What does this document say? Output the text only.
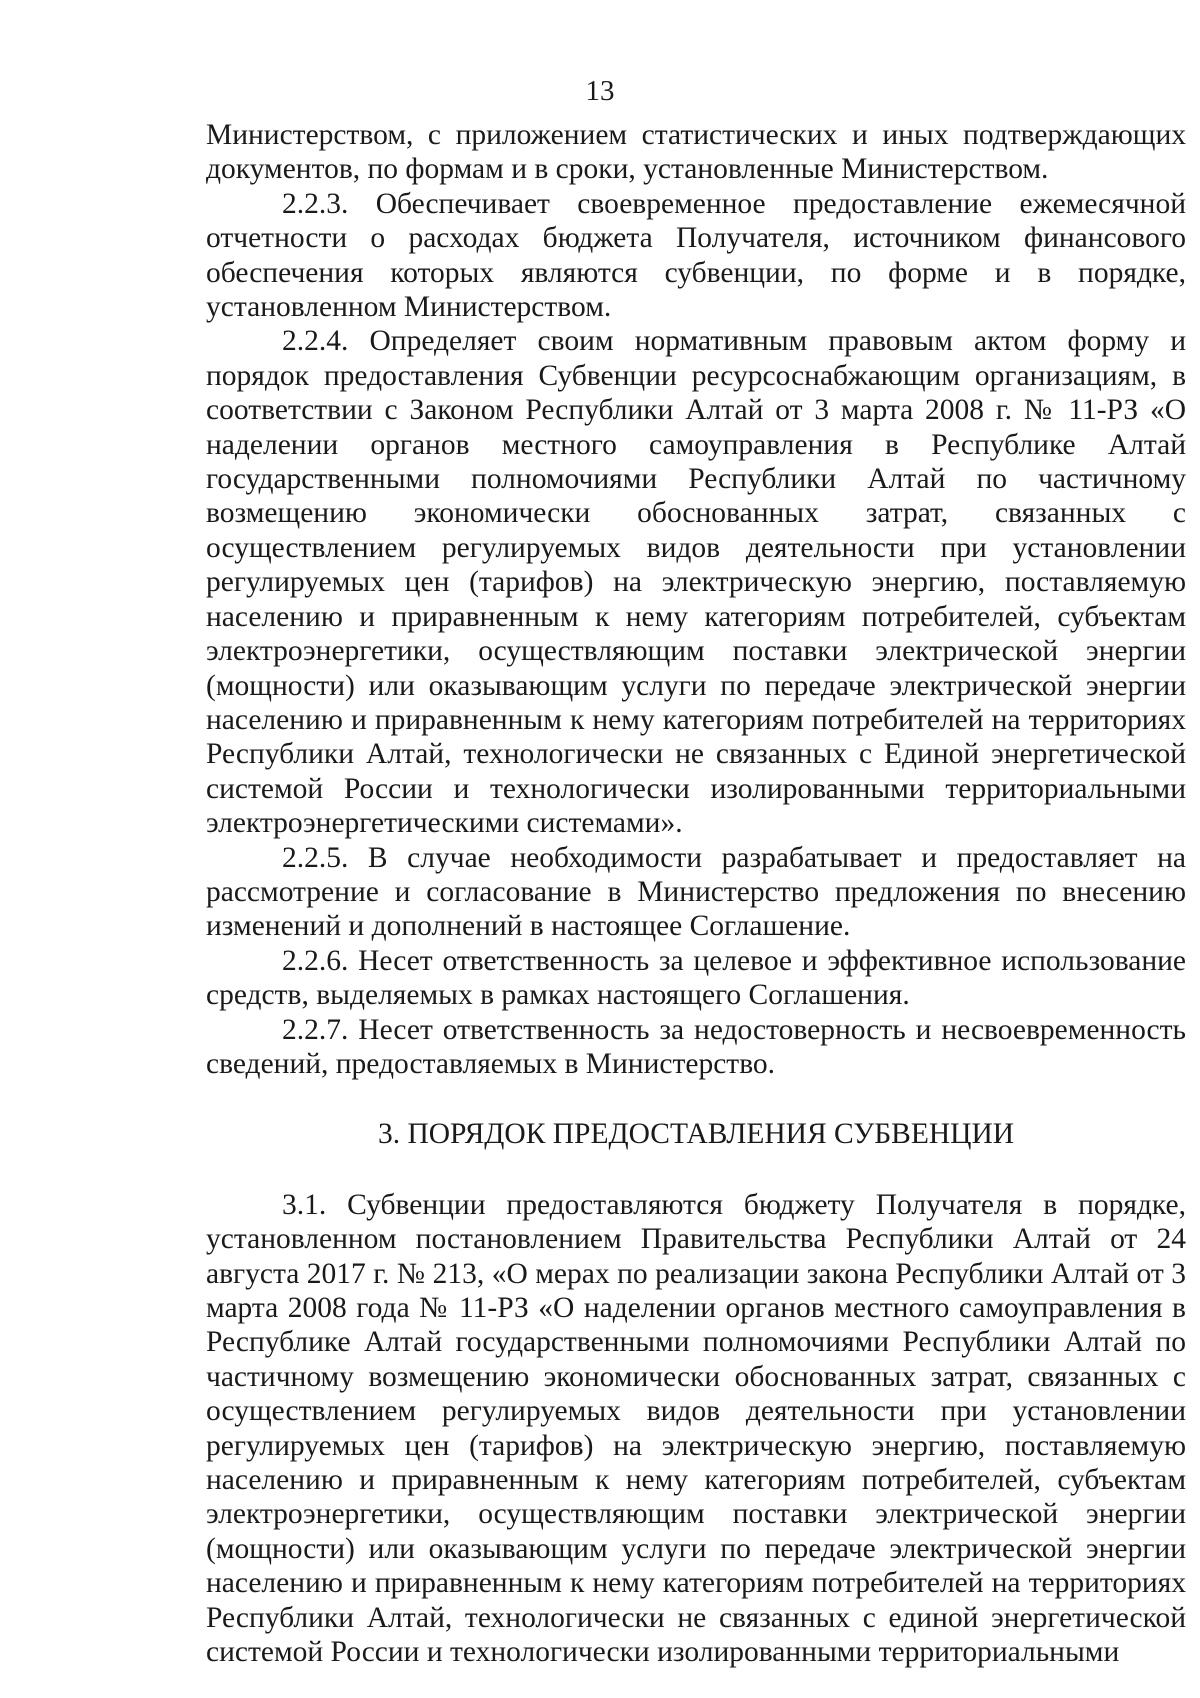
13

Министерством, с приложением статистических и иных подтверждающих документов, по формам и в сроки, установленные Министерством.

2.2.3. Обеспечивает своевременное предоставление ежемесячной отчетности о расходах бюджета Получателя, источником финансового обеспечения которых являются субвенции, по форме и в порядке, установленном Министерством.

2.2.4. Определяет своим нормативным правовым актом форму и порядок предоставления Субвенции ресурсоснабжающим организациям, в соответствии с Законом Республики Алтай от 3 марта 2008 г. № 11-РЗ «О наделении органов местного самоуправления в Республике Алтай государственными полномочиями Республики Алтай по частичному возмещению экономически обоснованных затрат, связанных с осуществлением регулируемых видов деятельности при установлении регулируемых цен (тарифов) на электрическую энергию, поставляемую населению и приравненным к нему категориям потребителей, субъектам электроэнергетики, осуществляющим поставки электрической энергии (мощности) или оказывающим услуги по передаче электрической энергии населению и приравненным к нему категориям потребителей на территориях Республики Алтай, технологически не связанных с Единой энергетической системой России и технологически изолированными территориальными электроэнергетическими системами».

2.2.5. В случае необходимости разрабатывает и предоставляет на рассмотрение и согласование в Министерство предложения по внесению изменений и дополнений в настоящее Соглашение.

2.2.6. Несет ответственность за целевое и эффективное использование средств, выделяемых в рамках настоящего Соглашения.

2.2.7. Несет ответственность за недостоверность и несвоевременность сведений, предоставляемых в Министерство.

3. ПОРЯДОК ПРЕДОСТАВЛЕНИЯ СУБВЕНЦИИ

3.1. Субвенции предоставляются бюджету Получателя в порядке, установленном постановлением Правительства Республики Алтай от 24 августа 2017 г. № 213, «О мерах по реализации закона Республики Алтай от 3 марта 2008 года № 11-РЗ «О наделении органов местного самоуправления в Республике Алтай государственными полномочиями Республики Алтай по частичному возмещению экономически обоснованных затрат, связанных с осуществлением регулируемых видов деятельности при установлении регулируемых цен (тарифов) на электрическую энергию, поставляемую населению и приравненным к нему категориям потребителей, субъектам электроэнергетики, осуществляющим поставки электрической энергии (мощности) или оказывающим услуги по передаче электрической энергии населению и приравненным к нему категориям потребителей на территориях Республики Алтай, технологически не связанных с единой энергетической системой России и технологически изолированными территориальными
